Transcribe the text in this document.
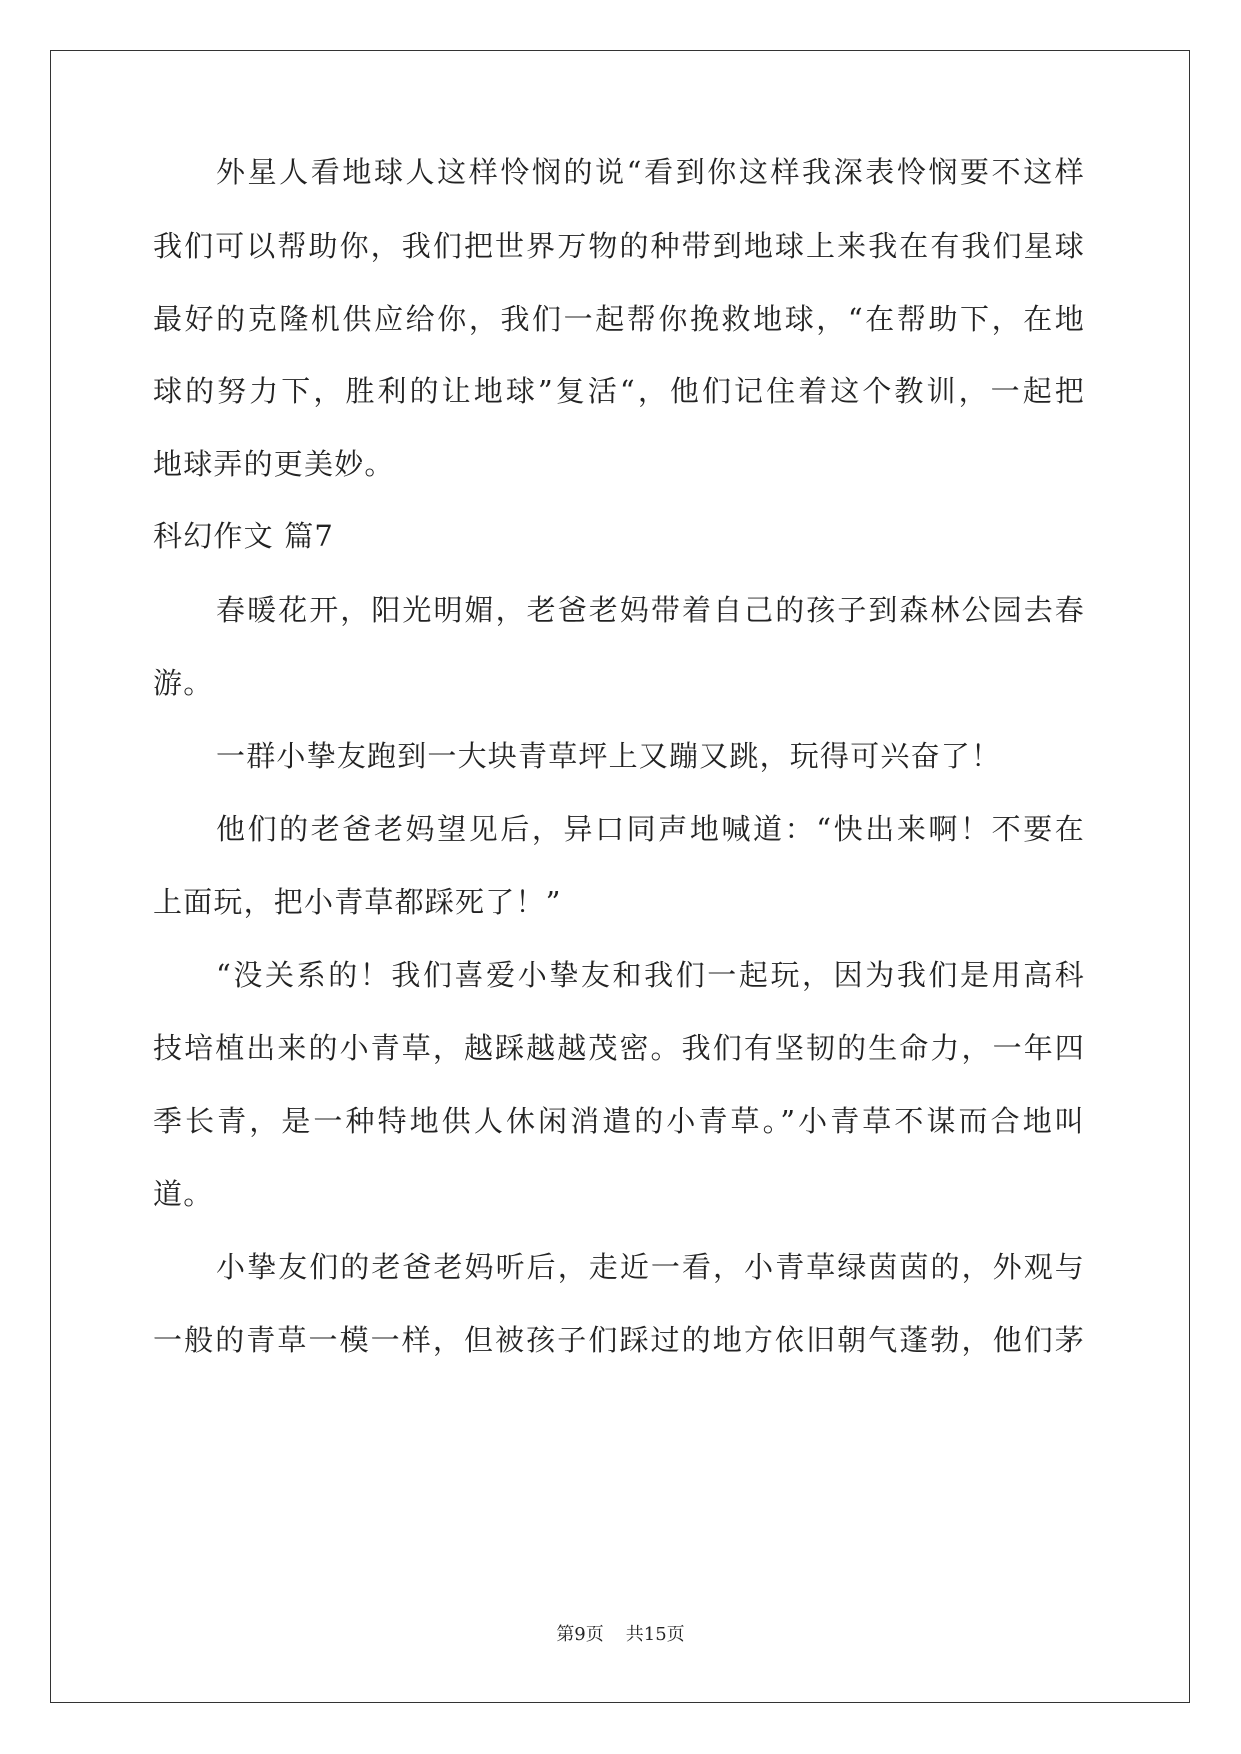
外星人看地球人这样怜悯的说“看到你这样我深表怜悯要不这样
我们可以帮助你，我们把世界万物的种带到地球上来我在有我们星球
最好的克隆机供应给你，我们一起帮你挽救地球，“在帮助下，在地
球的努力下，胜利的让地球”复活“，他们记住着这个教训，一起把
地球弄的更美妙。
科幻作文 篇7
春暖花开，阳光明媚，老爸老妈带着自己的孩子到森林公园去春
游。
一群小挚友跑到一大块青草坪上又蹦又跳，玩得可兴奋了！
他们的老爸老妈望见后，异口同声地喊道：“快出来啊！不要在
上面玩，把小青草都踩死了！”
“没关系的！我们喜爱小挚友和我们一起玩，因为我们是用高科
技培植出来的小青草，越踩越越茂密。我们有坚韧的生命力，一年四
季长青，是一种特地供人休闲消遣的小青草。”小青草不谋而合地叫
道。
小挚友们的老爸老妈听后，走近一看，小青草绿茵茵的，外观与
一般的青草一模一样，但被孩子们踩过的地方依旧朝气蓬勃，他们茅
第9页 共15页
